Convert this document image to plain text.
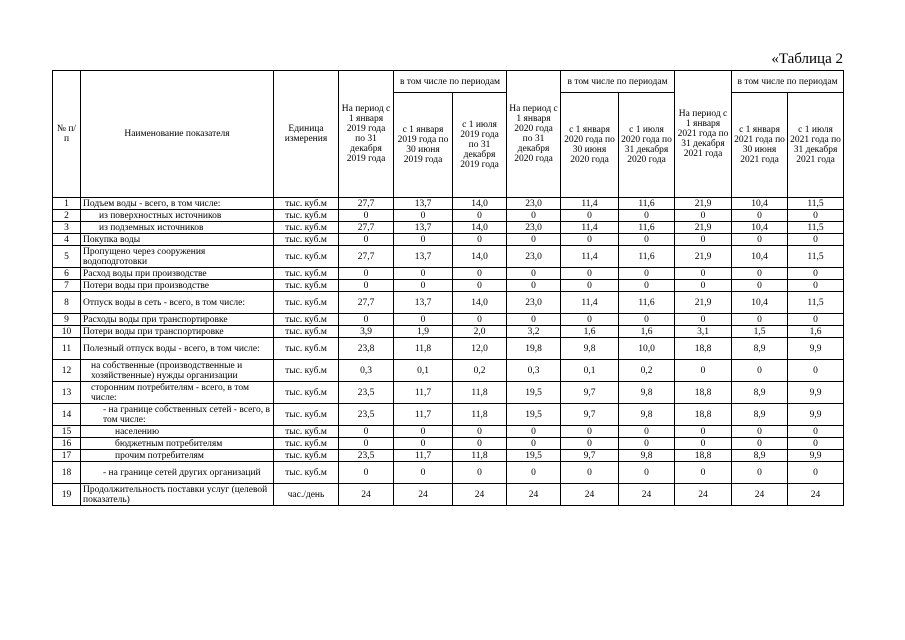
«Таблица 2
№ п/п	Наименование показателя	Единица измерения	На период с 1 января 2019 года по 31 декабря 2019 года	в том числе по периодам		На период с 1 января 2020 года по 31 декабря 2020 года	в том числе по периодам		На период с 1 января 2021 года по 31 декабря 2021 года	в том числе по периодам	
				с 1 января 2019 года по 30 июня 2019 года	с 1 июля 2019 года по 31 декабря 2019 года		с 1 января 2020 года по 30 июня 2020 года	с 1 июля 2020 года по 31 декабря 2020 года		с 1 января 2021 года по 30 июня 2021 года	с 1 июля 2021 года по 31 декабря 2021 года
1	Подъем воды - всего, в том числе:	тыс. куб.м	27,7	13,7	14,0	23,0	11,4	11,6	21,9	10,4	11,5
2	из поверхностных источников	тыс. куб.м	0	0	0	0	0	0	0	0	0
3	из подземных источников	тыс. куб.м	27,7	13,7	14,0	23,0	11,4	11,6	21,9	10,4	11,5
4	Покупка воды	тыс. куб.м	0	0	0	0	0	0	0	0	0
5	Пропущено через сооружения водоподготовки	тыс. куб.м	27,7	13,7	14,0	23,0	11,4	11,6	21,9	10,4	11,5
6	Расход воды при производстве	тыс. куб.м	0	0	0	0	0	0	0	0	0
7	Потери воды при производстве	тыс. куб.м	0	0	0	0	0	0	0	0	0
8	Отпуск воды в сеть - всего, в том числе:	тыс. куб.м	27,7	13,7	14,0	23,0	11,4	11,6	21,9	10,4	11,5
9	Расходы воды при транспортировке	тыс. куб.м	0	0	0	0	0	0	0	0	0
10	Потери воды при транспортировке	тыс. куб.м	3,9	1,9	2,0	3,2	1,6	1,6	3,1	1,5	1,6
11	Полезный отпуск воды - всего, в том числе:	тыс. куб.м	23,8	11,8	12,0	19,8	9,8	10,0	18,8	8,9	9,9
12	на собственные (производственные и хозяйственные) нужды организации	тыс. куб.м	0,3	0,1	0,2	0,3	0,1	0,2	0	0	0
13	сторонним потребителям - всего, в том числе:	тыс. куб.м	23,5	11,7	11,8	19,5	9,7	9,8	18,8	8,9	9,9
14	- на границе собственных сетей - всего, в том числе:	тыс. куб.м	23,5	11,7	11,8	19,5	9,7	9,8	18,8	8,9	9,9
15	населению	тыс. куб.м	0	0	0	0	0	0	0	0	0
16	бюджетным потребителям	тыс. куб.м	0	0	0	0	0	0	0	0	0
17	прочим потребителям	тыс. куб.м	23,5	11,7	11,8	19,5	9,7	9,8	18,8	8,9	9,9
18	- на границе сетей других организаций	тыс. куб.м	0	0	0	0	0	0	0	0	0
19	Продолжительность поставки услуг (целевой показатель)	час./день	24	24	24	24	24	24	24	24	24
